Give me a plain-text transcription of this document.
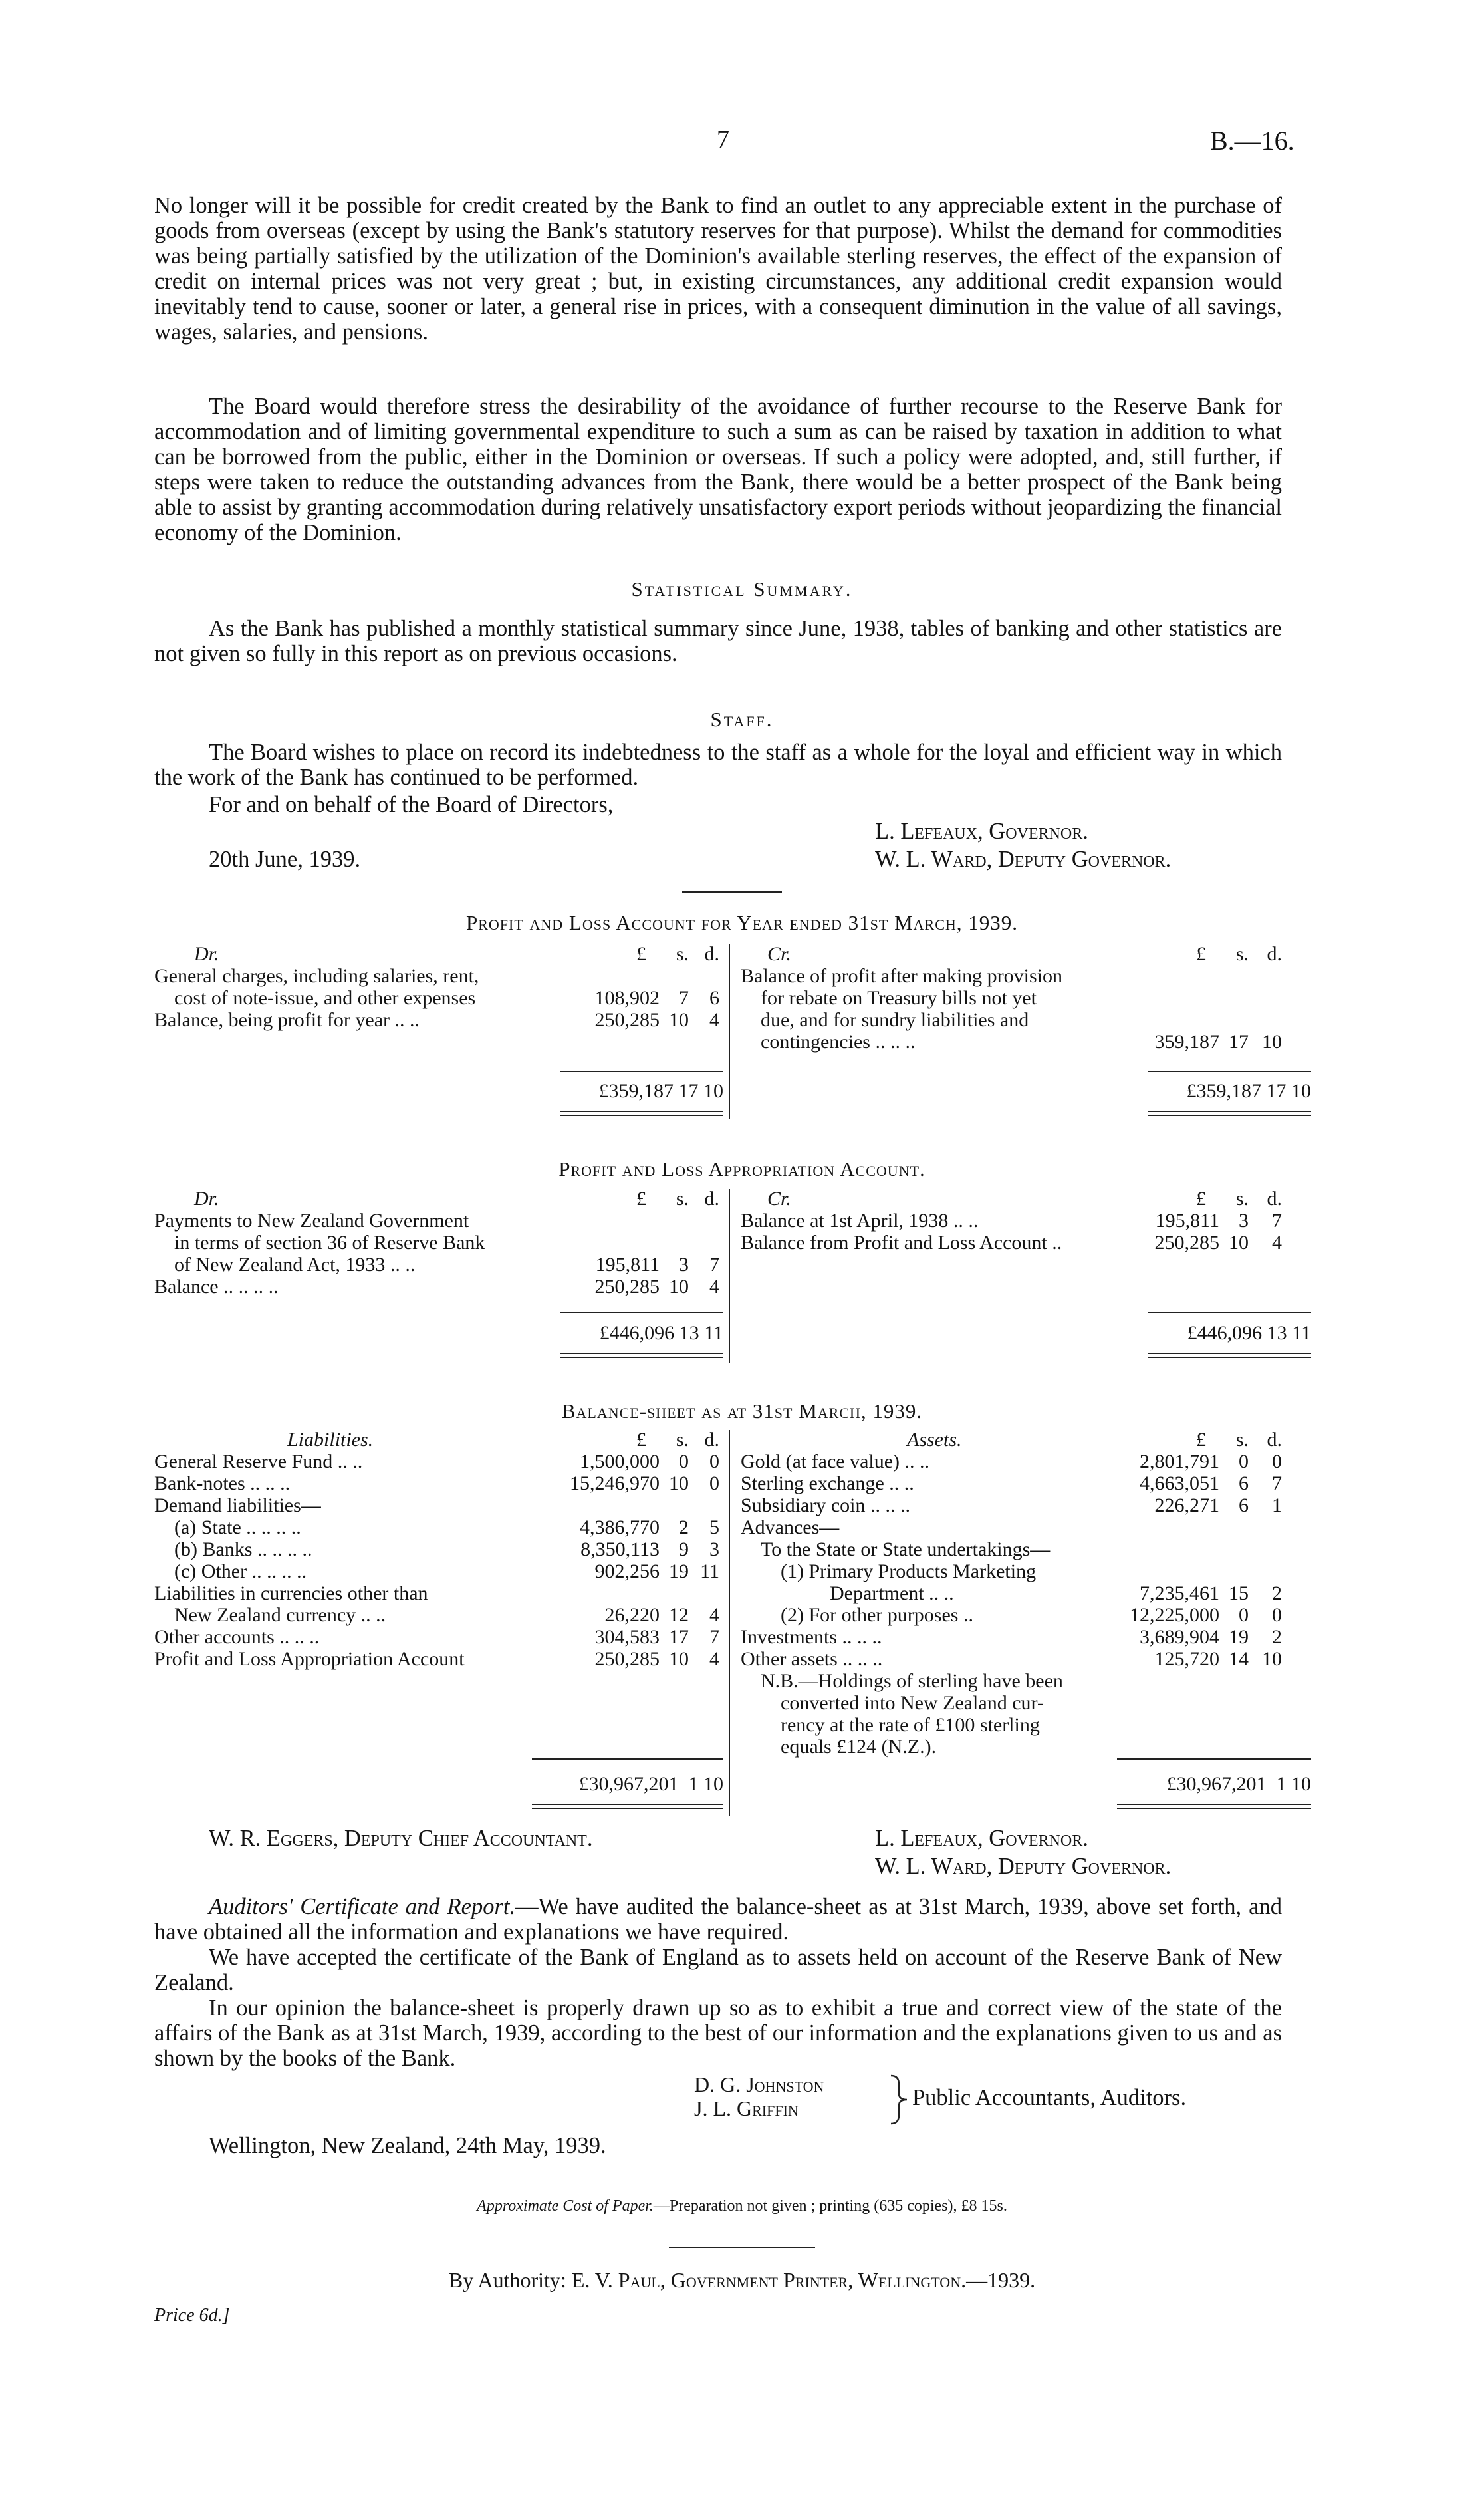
7	B.—16.

No longer will it be possible for credit created by the Bank to find an outlet to any appreciable extent in the purchase of goods from overseas (except by using the Bank's statutory reserves for that purpose). Whilst the demand for commodities was being partially satisfied by the utilization of the Dominion's available sterling reserves, the effect of the expansion of credit on internal prices was not very great ; but, in existing circumstances, any additional credit expansion would inevitably tend to cause, sooner or later, a general rise in prices, with a consequent diminution in the value of all savings, wages, salaries, and pensions.

The Board would therefore stress the desirability of the avoidance of further recourse to the Reserve Bank for accommodation and of limiting governmental expenditure to such a sum as can be raised by taxation in addition to what can be borrowed from the public, either in the Dominion or overseas. If such a policy were adopted, and, still further, if steps were taken to reduce the outstanding advances from the Bank, there would be a better prospect of the Bank being able to assist by granting accommodation during relatively unsatisfactory export periods without jeopardizing the financial economy of the Dominion.

Statistical Summary.

As the Bank has published a monthly statistical summary since June, 1938, tables of banking and other statistics are not given so fully in this report as on previous occasions.

Staff.

The Board wishes to place on record its indebtedness to the staff as a whole for the loyal and efficient way in which the work of the Bank has continued to be performed.

For and on behalf of the Board of Directors,
20th June, 1939.
L. Lefeaux, Governor.
W. L. Ward, Deputy Governor.
Profit and Loss Account for Year ended 31st March, 1939.
Dr.	£	s. d.
General charges, including salaries, rent,
cost of note-issue, and other expenses	108,902 7	6
Balance, being profit for year .. ..	250,285 10	4
Cr.	£	s. d.
Balance of profit after making provision
for rebate on Treasury bills not yet
due, and for sundry liabilities and
contingencies .. .. ..	359,187 17 10
£359,187 17 10	£359,187 17 10
Profit and Loss Appropriation Account.
Dr.	£	s. d.
Payments to New Zealand Government
in terms of section 36 of Reserve Bank
of New Zealand Act, 1933 .. ..	195,811 3	7
Balance .. .. .. ..	250,285 10	4
Cr.	£	s. d.
Balance at 1st April, 1938 .. ..	195,811 3	7
Balance from Profit and Loss Account ..	250,285 10	4
£446,096 13 11	£446,096 13 11
Balance-sheet as at 31st March, 1939.
Liabilities.	£	s. d.
General Reserve Fund .. ..	1,500,000 0	0
Bank-notes .. .. ..	15,246,970 10	0
Demand liabilities—
(a) State .. .. .. ..	4,386,770 2	5
(b) Banks .. .. .. ..	8,350,113 9	3
(c) Other .. .. .. ..	902,256 19 11
Liabilities in currencies other than
New Zealand currency .. ..	26,220 12	4
Other accounts .. .. ..	304,583 17	7
Profit and Loss Appropriation Account	250,285 10	4
Assets.	£	s. d.
Gold (at face value) .. ..	2,801,791 0	0
Sterling exchange .. ..	4,663,051 6	7
Subsidiary coin .. .. ..	226,271 6	1
Advances—
To the State or State undertakings—
(1) Primary Products Marketing
Department .. ..	7,235,461 15	2
(2) For other purposes ..	12,225,000 0	0
Investments .. .. ..	3,689,904 19	2
Other assets .. .. ..	125,720 14 10
N.B.—Holdings of sterling have been
converted into New Zealand cur-
rency at the rate of £100 sterling
equals £124 (N.Z.).
£30,967,201  1 10	£30,967,201  1 10
W. R. Eggers, Deputy Chief Accountant.	L. Lefeaux, Governor.
W. L. Ward, Deputy Governor.

Auditors' Certificate and Report.—We have audited the balance-sheet as at 31st March, 1939, above set forth, and have obtained all the information and explanations we have required.

We have accepted the certificate of the Bank of England as to assets held on account of the Reserve Bank of New Zealand.

In our opinion the balance-sheet is properly drawn up so as to exhibit a true and correct view of the state of the affairs of the Bank as at 31st March, 1939, according to the best of our information and the explanations given to us and as shown by the books of the Bank.

D. G. Johnston
J. L. Griffin	Public Accountants, Auditors.
Wellington, New Zealand, 24th May, 1939.
Approximate Cost of Paper.—Preparation not given ; printing (635 copies), £8 15s.
By Authority: E. V. Paul, Government Printer, Wellington.—1939.
Price 6d.]
